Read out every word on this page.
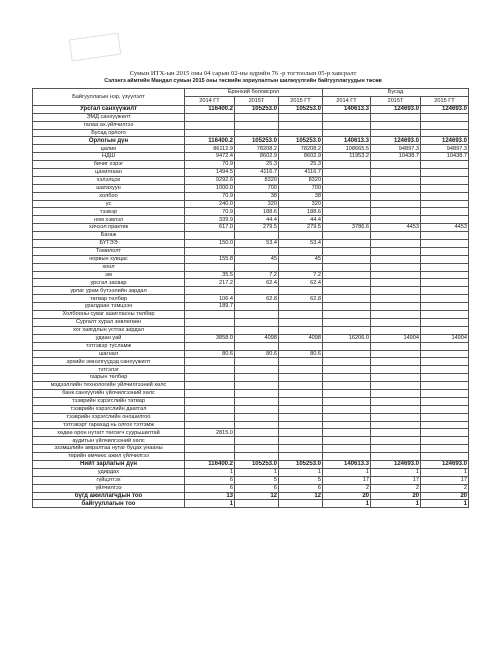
Сумын ИТХ-ын 2015 оны 04 сарын 02-ны өдрийн 76 -р тогтоолын 05-р хавсралт
Сэлэнгэ аймгийн Мандал сумын 2015 оны төсвийн зориулалтын шилжүүлгийн байгууллагуудын төсөв
Байгууллагын нэр, үзүүлэлт	Ерөнхий боловсрол			Бусад		
	2014 ГТ	2015Т	2015 ГТ	2014 ГТ	2015Т	2015 ГТ
Урсгал санхүүжилт	116400.2	105253.0	105253.0	140613.3	124693.0	124693.0
ЭМД санхүүжилт						
галаа ах.үйлчилгээ						
Бусад орлого						
Орлогын дүн	116400.2	105253.0	105253.0	140613.3	124693.0	124693.0
цалин	86112.9	78208.2	78208.2	108665.5	94897.3	94897.3
НДШ	9472.4	8602.9	8602.9	11953.2	10438.7	10438.7
бичиг хэрэг	70.9	25.3	25.3			
цахилгаан	1494.5	4116.7	4116.7			
хэлэлцэх	9292.6	8320	8320			
шатахуун	1000.0	700	700			
холбоо	70.9	38	38			
ус	240.0	320	320			
тээвэр	70.9	188.6	188.6			
ном хэвлэл	339.9	44.4	44.4			
хичээл практик	617.0	279.5	279.5	3786.6	4453	4453
Багаж						
БҮТЭЭ	150.0	53.4	53.4			
Томилолт						
норвын хувцас	155.8	45	45			
хоол						
эм	35.5	7.2	7.2			
урсгал засвар	217.2	62.4	62.4			
урлаг урам бүтээлийн зардал						
татвар төлбөр	106.4	62.8	62.8			
уралдаан тэмцээн	189.7					
Холбооны суваг ашигласны төлбөр						
Сургалт хурал зөвлөгөөн						
хог хаягдлын устгах зардал						
удаан уай	3858.0	4098	4098	16206.0	14904	14904
тэтгэвэр тусламж						
шагнал	80.6	80.6	80.6			
эрхийн эмнэлгүүдэд санхүүжилт						
тэтгэлэг						
газрын төлбөр						
мэдээллийн технологийн үйлчилгээний хөлс						
банк санхүүгийн үйлчилгээний хөлс						
тээврийн хэрэгслийн татвар						
тээврийн хэрэгслийн даатгал						
тээврийн хэрэгслийн оношилгоо						
тэтгэвэрт гарахад нь олгох тэтгэмж						
хөдөө орон нутагт төгсөгч суурьшилтай	2815.0					
аудитын үйлчилгээний хөлс						
эзэмшлийн амралтаа нутаг буцах унааны						
төрийн өмчөөс ажил үйлчилгээ						
Нийт зарлагын дүн	116400.2	105253.0	105253.0	140613.3	124693.0	124693.0
удирдах	1	1	1	1	1	1
гүйцэтгэх	6	5	5	17	17	17
үйлчилгээ	6	6	6	2	2	2
бүгд ажиллагчдын тоо	13	12	12	20	20	20
байгууллагын тоо	1			1	1	1
